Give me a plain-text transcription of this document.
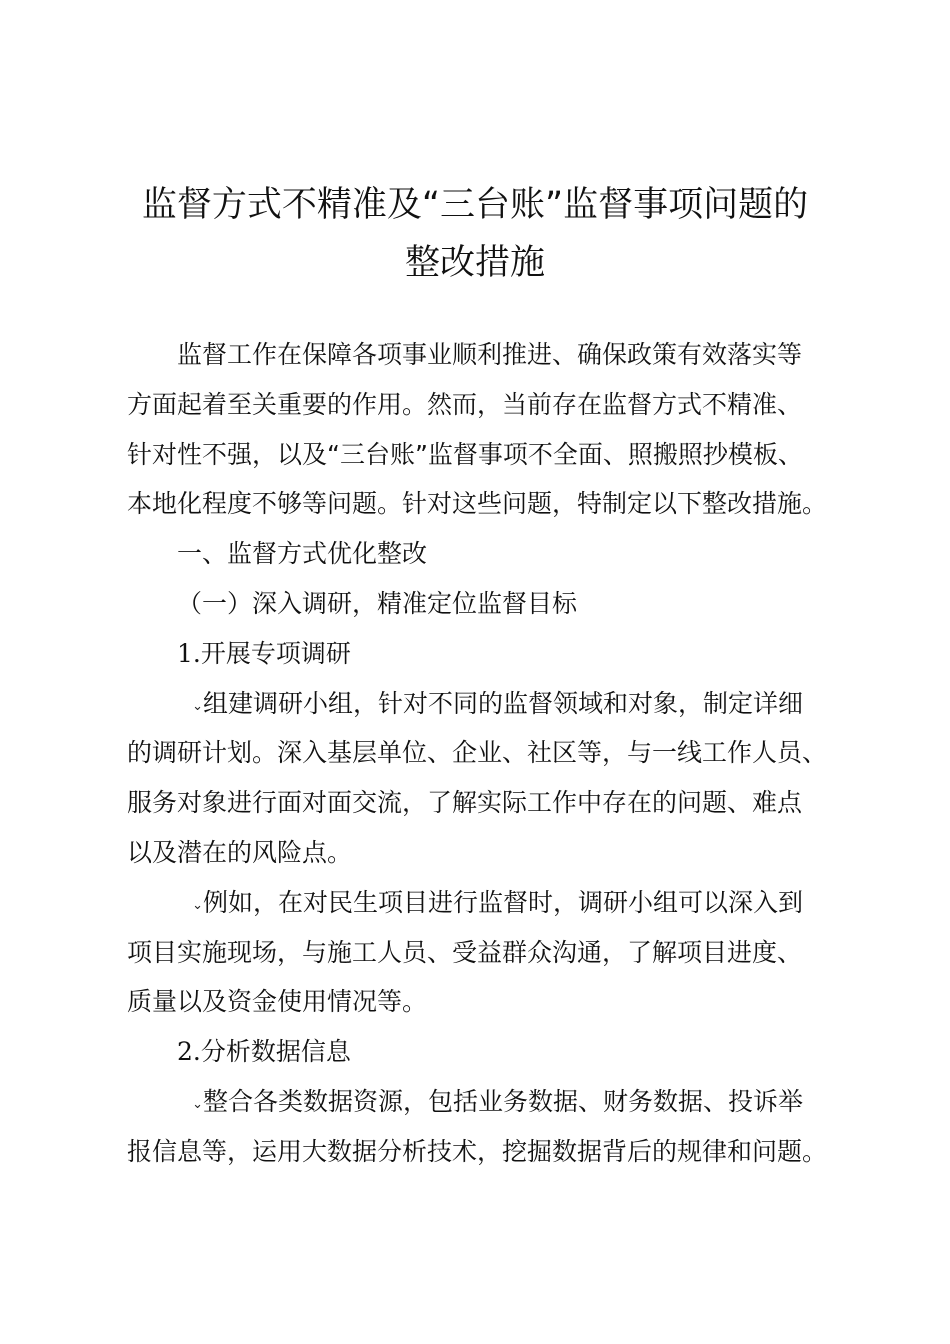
监督方式不精准及“三台账”监督事项问题的
整改措施
监督工作在保障各项事业顺利推进、确保政策有效落实等
方面起着至关重要的作用。然而，当前存在监督方式不精准、
针对性不强，以及“三台账”监督事项不全面、照搬照抄模板、
本地化程度不够等问题。针对这些问题，特制定以下整改措施。
一、监督方式优化整改
（一）深入调研，精准定位监督目标
1.开展专项调研
⌄组建调研小组，针对不同的监督领域和对象，制定详细
的调研计划。深入基层单位、企业、社区等，与一线工作人员、
服务对象进行面对面交流，了解实际工作中存在的问题、难点
以及潜在的风险点。
⌄例如，在对民生项目进行监督时，调研小组可以深入到
项目实施现场，与施工人员、受益群众沟通，了解项目进度、
质量以及资金使用情况等。
2.分析数据信息
⌄整合各类数据资源，包括业务数据、财务数据、投诉举
报信息等，运用大数据分析技术，挖掘数据背后的规律和问题。
